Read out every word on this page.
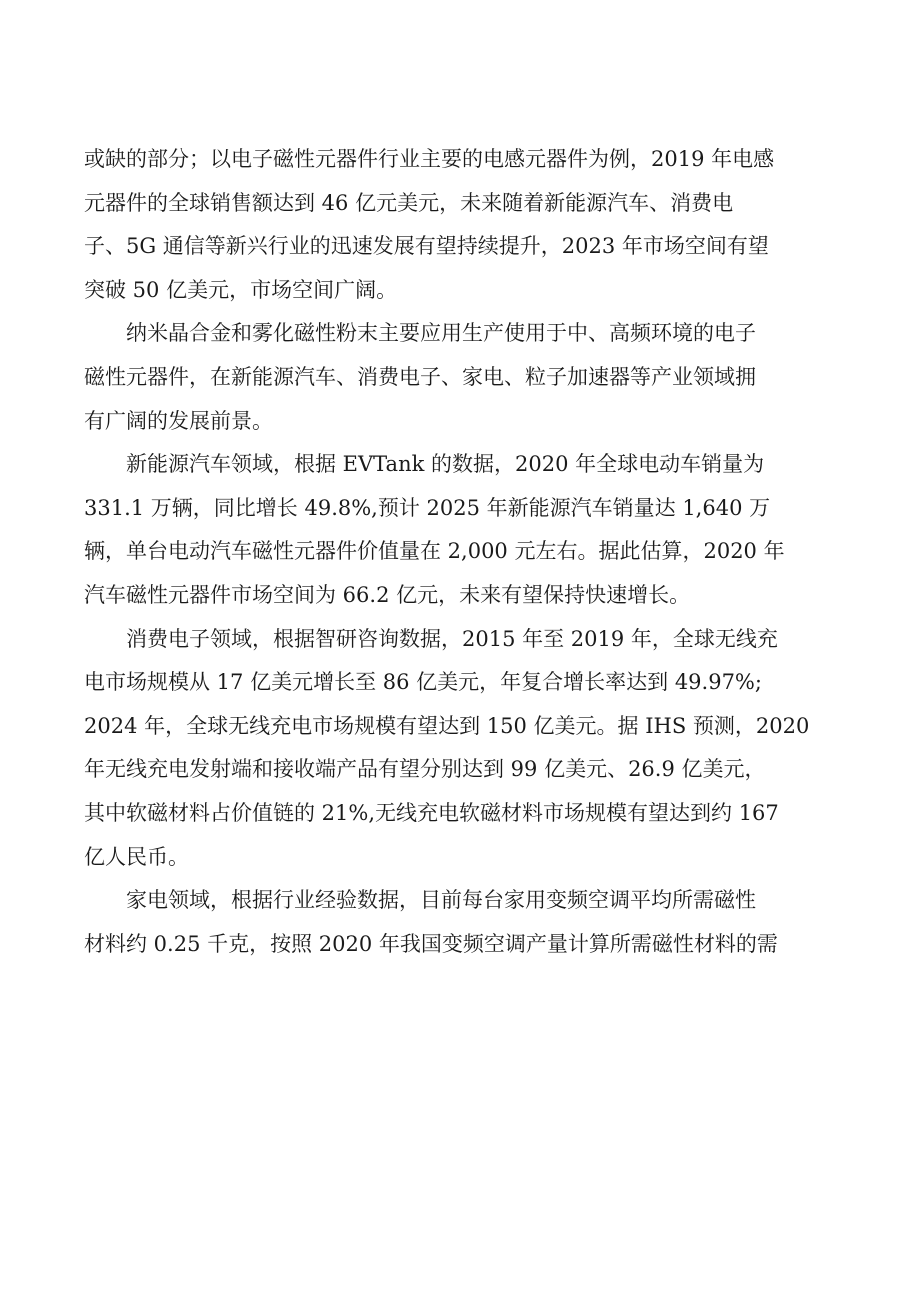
或缺的部分；以电子磁性元器件行业主要的电感元器件为例，2019 年电感
元器件的全球销售额达到 46 亿元美元，未来随着新能源汽车、消费电
子、5G 通信等新兴行业的迅速发展有望持续提升，2023 年市场空间有望
突破 50 亿美元，市场空间广阔。

纳米晶合金和雾化磁性粉末主要应用生产使用于中、高频环境的电子
磁性元器件，在新能源汽车、消费电子、家电、粒子加速器等产业领域拥
有广阔的发展前景。

新能源汽车领域，根据 EVTank 的数据，2020 年全球电动车销量为
331.1 万辆，同比增长 49.8%,预计 2025 年新能源汽车销量达 1,640 万
辆，单台电动汽车磁性元器件价值量在 2,000 元左右。据此估算，2020 年
汽车磁性元器件市场空间为 66.2 亿元，未来有望保持快速增长。

消费电子领域，根据智研咨询数据，2015 年至 2019 年，全球无线充
电市场规模从 17 亿美元增长至 86 亿美元，年复合增长率达到 49.97%;
2024 年，全球无线充电市场规模有望达到 150 亿美元。据 IHS 预测，2020
年无线充电发射端和接收端产品有望分别达到 99 亿美元、26.9 亿美元，
其中软磁材料占价值链的 21%,无线充电软磁材料市场规模有望达到约 167
亿人民币。

家电领域，根据行业经验数据，目前每台家用变频空调平均所需磁性
材料约 0.25 千克，按照 2020 年我国变频空调产量计算所需磁性材料的需
